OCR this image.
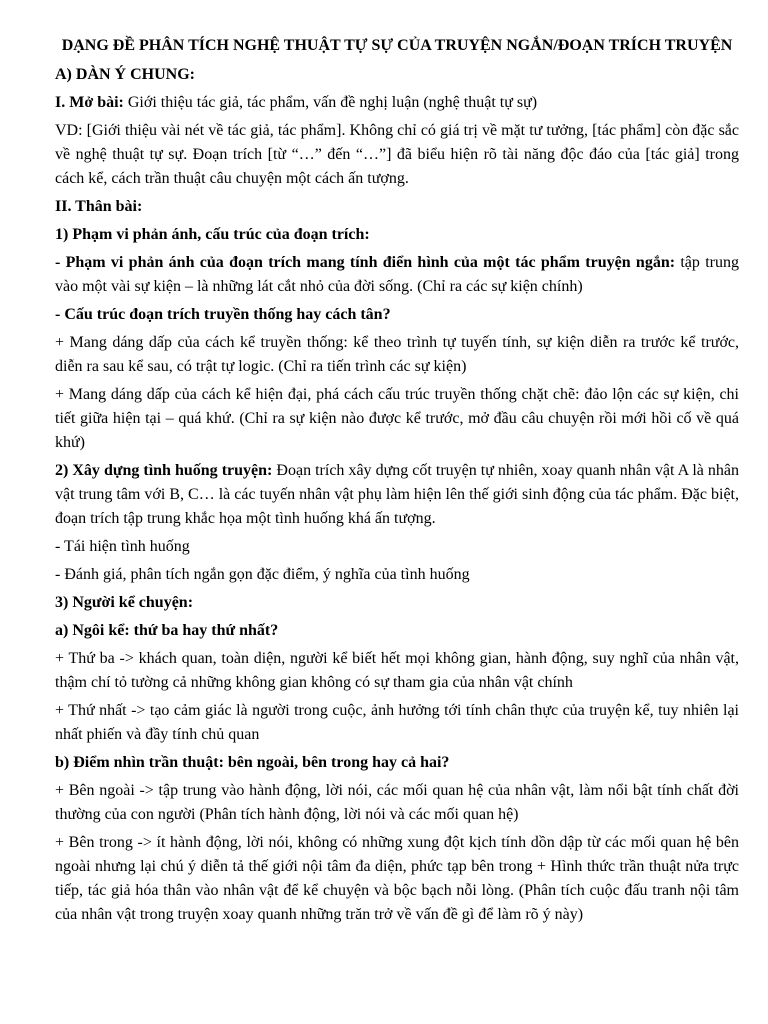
DẠNG ĐỀ PHÂN TÍCH NGHỆ THUẬT TỰ SỰ CỦA TRUYỆN NGẮN/ĐOẠN TRÍCH TRUYỆN

A) DÀN Ý CHUNG:

I. Mở bài: Giới thiệu tác giả, tác phẩm, vấn đề nghị luận (nghệ thuật tự sự)

VD: [Giới thiệu vài nét về tác giả, tác phẩm]. Không chỉ có giá trị về mặt tư tưởng, [tác phẩm] còn đặc sắc về nghệ thuật tự sự. Đoạn trích [từ “…” đến “…”] đã biểu hiện rõ tài năng độc đáo của [tác giả] trong cách kể, cách trần thuật câu chuyện một cách ấn tượng.

II. Thân bài:

1) Phạm vi phản ánh, cấu trúc của đoạn trích:

- Phạm vi phản ánh của đoạn trích mang tính điển hình của một tác phẩm truyện ngắn: tập trung vào một vài sự kiện – là những lát cắt nhỏ của đời sống. (Chỉ ra các sự kiện chính)

- Cấu trúc đoạn trích truyền thống hay cách tân?

+ Mang dáng dấp của cách kể truyền thống: kể theo trình tự tuyến tính, sự kiện diễn ra trước kể trước, diễn ra sau kể sau, có trật tự logic. (Chỉ ra tiến trình các sự kiện)

+ Mang dáng dấp của cách kể hiện đại, phá cách cấu trúc truyền thống chặt chẽ: đảo lộn các sự kiện, chi tiết giữa hiện tại – quá khứ. (Chỉ ra sự kiện nào được kể trước, mở đầu câu chuyện rồi mới hồi cố về quá khứ)

2) Xây dựng tình huống truyện: Đoạn trích xây dựng cốt truyện tự nhiên, xoay quanh nhân vật A là nhân vật trung tâm với B, C… là các tuyến nhân vật phụ làm hiện lên thế giới sinh động của tác phẩm. Đặc biệt, đoạn trích tập trung khắc họa một tình huống khá ấn tượng.

- Tái hiện tình huống

- Đánh giá, phân tích ngắn gọn đặc điểm, ý nghĩa của tình huống

3) Người kể chuyện:

a) Ngôi kể: thứ ba hay thứ nhất?

+ Thứ ba -> khách quan, toàn diện, người kể biết hết mọi không gian, hành động, suy nghĩ của nhân vật, thậm chí tỏ tường cả những không gian không có sự tham gia của nhân vật chính

+ Thứ nhất -> tạo cảm giác là người trong cuộc, ảnh hưởng tới tính chân thực của truyện kể, tuy nhiên lại nhất phiến và đầy tính chủ quan

b) Điểm nhìn trần thuật: bên ngoài, bên trong hay cả hai?

+ Bên ngoài -> tập trung vào hành động, lời nói, các mối quan hệ của nhân vật, làm nổi bật tính chất đời thường của con người (Phân tích hành động, lời nói và các mối quan hệ)

+ Bên trong -> ít hành động, lời nói, không có những xung đột kịch tính dồn dập từ các mối quan hệ bên ngoài nhưng lại chú ý diễn tả thế giới nội tâm đa diện, phức tạp bên trong + Hình thức trần thuật nửa trực tiếp, tác giả hóa thân vào nhân vật để kể chuyện và bộc bạch nỗi lòng. (Phân tích cuộc đấu tranh nội tâm của nhân vật trong truyện xoay quanh những trăn trở về vấn đề gì để làm rõ ý này)
